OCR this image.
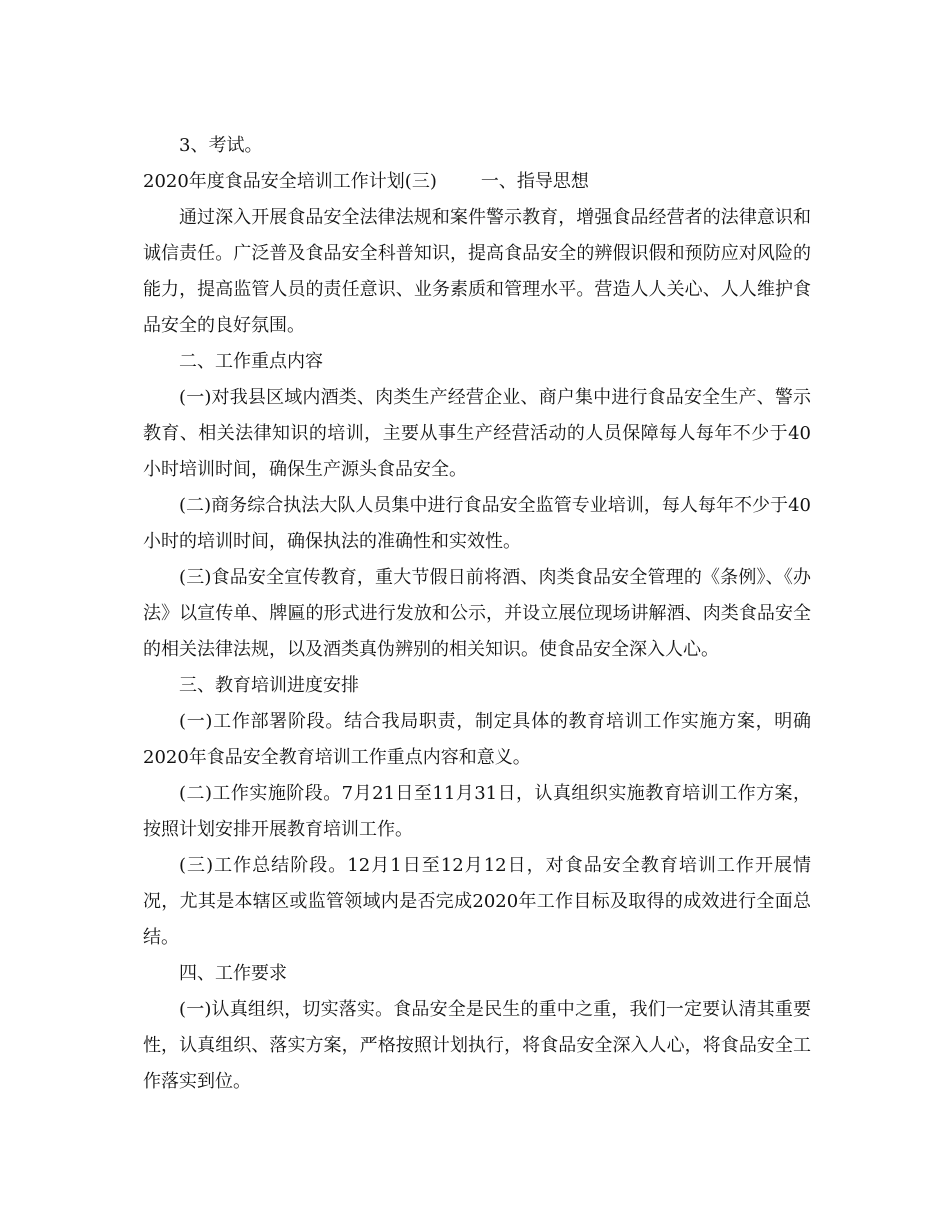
3、考试。

2020年度食品安全培训工作计划(三) 一、指导思想

通过深入开展食品安全法律法规和案件警示教育，增强食品经营者的法律意识和诚信责任。广泛普及食品安全科普知识，提高食品安全的辨假识假和预防应对风险的能力，提高监管人员的责任意识、业务素质和管理水平。营造人人关心、人人维护食品安全的良好氛围。

二、工作重点内容

(一)对我县区域内酒类、肉类生产经营企业、商户集中进行食品安全生产、警示教育、相关法律知识的培训，主要从事生产经营活动的人员保障每人每年不少于40小时培训时间，确保生产源头食品安全。

(二)商务综合执法大队人员集中进行食品安全监管专业培训，每人每年不少于40小时的培训时间，确保执法的准确性和实效性。

(三)食品安全宣传教育，重大节假日前将酒、肉类食品安全管理的《条例》、《办法》以宣传单、牌匾的形式进行发放和公示，并设立展位现场讲解酒、肉类食品安全的相关法律法规，以及酒类真伪辨别的相关知识。使食品安全深入人心。

三、教育培训进度安排

(一)工作部署阶段。结合我局职责，制定具体的教育培训工作实施方案，明确2020年食品安全教育培训工作重点内容和意义。

(二)工作实施阶段。7月21日至11月31日，认真组织实施教育培训工作方案，按照计划安排开展教育培训工作。

(三)工作总结阶段。12月1日至12月12日，对食品安全教育培训工作开展情况，尤其是本辖区或监管领域内是否完成2020年工作目标及取得的成效进行全面总结。

四、工作要求

(一)认真组织，切实落实。食品安全是民生的重中之重，我们一定要认清其重要性，认真组织、落实方案，严格按照计划执行，将食品安全深入人心，将食品安全工作落实到位。
